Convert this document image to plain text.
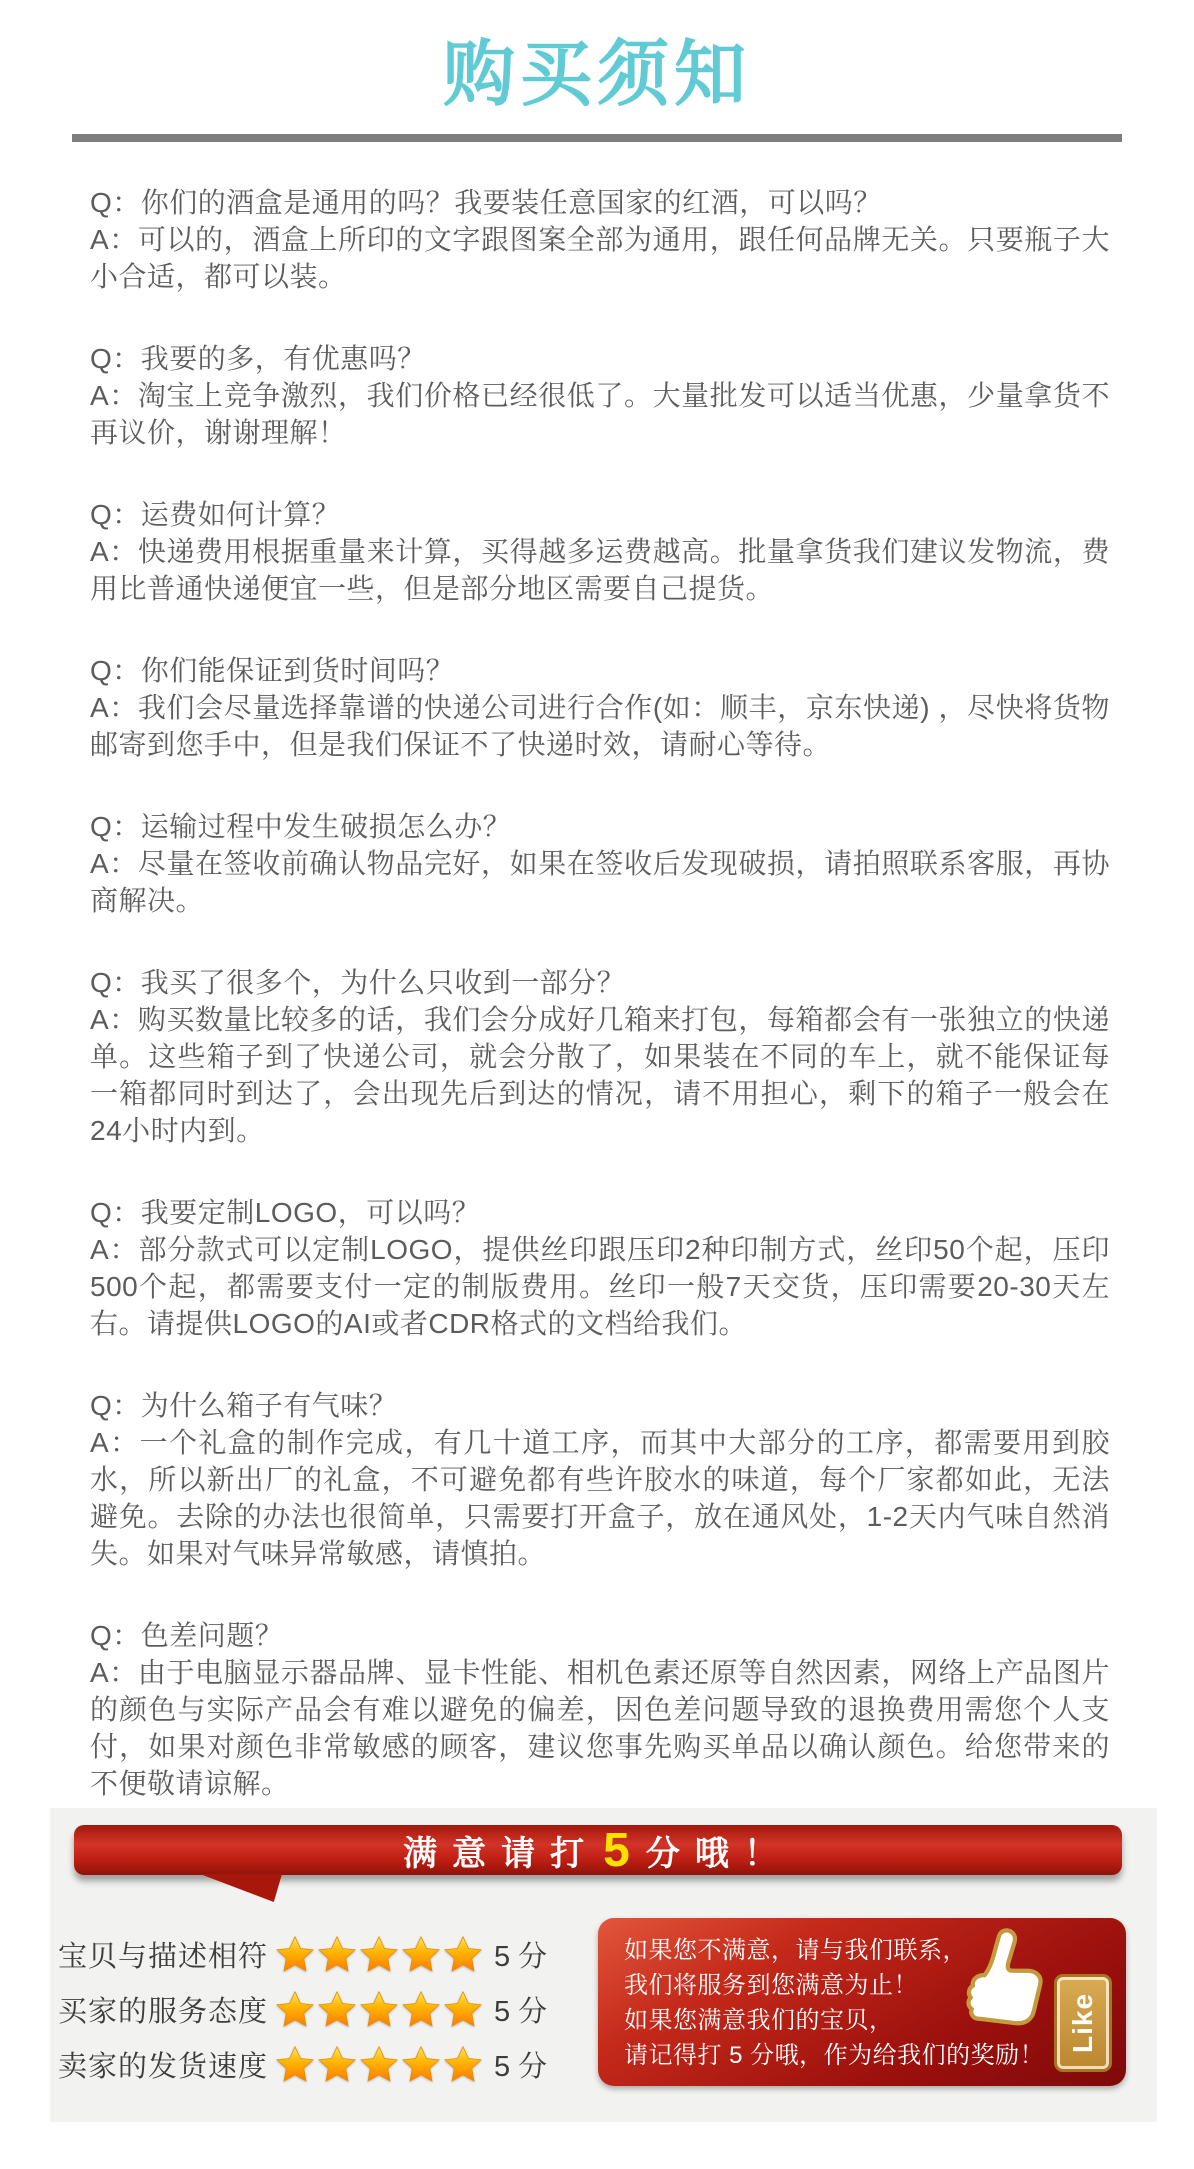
购买须知

Q：你们的酒盒是通用的吗？我要装任意国家的红酒，可以吗？

A：可以的，酒盒上所印的文字跟图案全部为通用，跟任何品牌无关。只要瓶子大小合适，都可以装。

Q：我要的多，有优惠吗？

A：淘宝上竞争激烈，我们价格已经很低了。大量批发可以适当优惠，少量拿货不再议价，谢谢理解！

Q：运费如何计算？

A：快递费用根据重量来计算，买得越多运费越高。批量拿货我们建议发物流，费用比普通快递便宜一些，但是部分地区需要自己提货。

Q：你们能保证到货时间吗？

A：我们会尽量选择靠谱的快递公司进行合作(如：顺丰，京东快递) ，尽快将货物邮寄到您手中，但是我们保证不了快递时效，请耐心等待。

Q：运输过程中发生破损怎么办？

A：尽量在签收前确认物品完好，如果在签收后发现破损，请拍照联系客服，再协商解决。

Q：我买了很多个，为什么只收到一部分？

A：购买数量比较多的话，我们会分成好几箱来打包，每箱都会有一张独立的快递单。这些箱子到了快递公司，就会分散了，如果装在不同的车上，就不能保证每一箱都同时到达了，会出现先后到达的情况，请不用担心，剩下的箱子一般会在24小时内到。

Q：我要定制LOGO，可以吗？

A：部分款式可以定制LOGO，提供丝印跟压印2种印制方式，丝印50个起，压印500个起，都需要支付一定的制版费用。丝印一般7天交货，压印需要20-30天左右。请提供LOGO的AI或者CDR格式的文档给我们。

Q：为什么箱子有气味？

A：一个礼盒的制作完成，有几十道工序，而其中大部分的工序，都需要用到胶水，所以新出厂的礼盒，不可避免都有些许胶水的味道，每个厂家都如此，无法避免。去除的办法也很简单，只需要打开盒子，放在通风处，1-2天内气味自然消失。如果对气味异常敏感，请慎拍。

Q：色差问题？

A：由于电脑显示器品牌、显卡性能、相机色素还原等自然因素，网络上产品图片的颜色与实际产品会有难以避免的偏差，因色差问题导致的退换费用需您个人支付，如果对颜色非常敏感的顾客，建议您事先购买单品以确认颜色。给您带来的不便敬请谅解。

满意请打 5 分哦！
宝贝与描述相符	5 分
买家的服务态度	5 分
卖家的发货速度	5 分
如果您不满意，请与我们联系，
我们将服务到您满意为止！
如果您满意我们的宝贝，
请记得打 5 分哦，作为给我们的奖励！
Like
